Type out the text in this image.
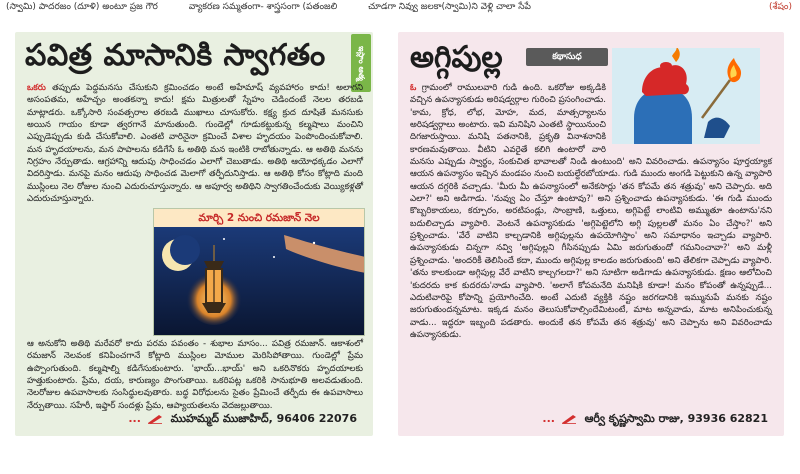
(స్వామి) పాదరజం (దూళి) అంటూ ప్రజ గౌర	వ్యాకరణ సమ్మతంగా- శాస్త్రసంగా (పతంజలి	చూడగా నివ్వు జలకా(స్వామి)ని వెళ్లి చాలా సేపే	(శేషం)
పవిత్ర మాసానికి స్వాగతం	ఇస్లాం ఆత్మ
ఒకరు తప్పుడు పెద్దమనసు చేసుకుని క్రమించడం అంటే అహేమాష్ వ్యవహారం కాదు! అలాగని అసంపతమ, అహేచ్ఛం అంతకన్నా కాదు! క్షమ మిత్రులతో స్నేహం చెడిందంటే నెలల తరబడి మాట్లాడరు. ఒక్కోసారి సంవత్సరాల తరబడి ముఖాలు చూసుకోరు. కక్ష్య క్రుద దూషితే మనసుకు అయిన గాయం కూడా త్వరగానే మానుతుంది. గుండెల్లో గూడుకట్టుకున్న కల్మషాలు మంచిని ఎప్పుడెప్పుడు కుడి చేసుకోవాలి. ఎంతటి వారినైనా క్రమించే విశాల హృదయం పెంపొందించుకోవాలి. మన హృదయాలను, మన పాపాలను కడిగేసే ఓ అతిథి మన ఇంటికి రాబోతున్నాడు. ఆ అతిథి మనను నిగ్రహం నేర్పుతాడు. ఆగ్రహాన్ని ఆదుపు సాధించడం ఎలాగో చెబుతాడు. అతిథి ఆయోధక్కడం ఎలాగో విదరిస్తాడు. మనపై మనం ఆదుపు సాధించడ మెలాగో తర్ఫీదునిస్తాడు. ఆ అతిథి కోసం కోట్లాది మంది ముస్లింలు నెల రోజుల నుంచి ఎదురుచూస్తున్నారు. ఆ అపూర్వ అతిథిని స్వాగతించేందుకు వెయ్యికళ్లతో ఎదురుచూస్తున్నారు.
మార్చి 2 నుంచి రమజాన్ నెల
ఆ అనుకోని అతిథి మరేవరో కాదు పరమ పవంతం - శుభాల మాసం... పవిత్ర రమజాన్. ఆకాశంలో రమజాన్ నెలవంక కనిపించగానే కోట్లాది ముస్లింల మోముల మెరిసిపోతాయి. గుండెల్లో ప్రేమ ఉప్పొంగుతుంది. కల్మషాల్ని కడిగేసుకుంటారు. 'భాయ్...భాయ్' అని ఒకరినొకరు హృదయాలకు హత్తుకుంటారు. ప్రేమ, దయ, కారుణ్యం పొంగుతాయి. ఒకరిపట్ల ఒకరికి సానుభూతి అలవడుతుంది. నెలరోజుల ఉపవాసాలకు సంసిద్ధులవుతారు. బద్ధ విరోధులను సైతం ప్రేమించే తర్ఫీదు ఈ ఉపవాసాలు నేర్పుతాయి. సహేరీ, ఇఫ్తార్ సందళ్లు ప్రేమ, ఆప్యాయతలను వెదజల్లుతాయి.
...	ముహమ్మద్ ముజాహిద్, 96406 22076
అగ్గిపుల్ల	కథాసుధ
ఓ గ్రామంలో రాములవారి గుడి ఉంది. ఒకరోజు అక్కడికి వచ్చిన ఉపన్యాసకుడు అరిషడ్వర్గాల గురించి ప్రసంగించాడు. 'కామ, క్రోధ, లోభ, మోహ, మద, మాత్సర్యాలను అరిషడ్వర్గాలు అంటారు. ఇవి మనిషిని ఎంతటి స్థాయినుంచి దిగజారుస్తాయి. మనిషి పతనానికి, ప్రకృతి వినాశనానికి కారణమవుతాయి. వీటిని ఎవరైతే కలిగి ఉంటారో వారి మనసు ఎప్పుడు స్వార్థం, సంకుచిత భావాలతో నిండి ఉంటుంది' అని వివరించాడు. ఉపన్యాసం పూర్తయ్యాక ఆయన ఉపన్యాసం ఇచ్చిన మండపం నుంచి బయల్దేరబోయాడు. గుడి ముందు అంగడి పెట్టుకుని ఉన్న వ్యాపారి ఆయన దగ్గరికి వచ్చాడు. 'మీరు మీ ఉపన్యాసంలో అనేకసార్లు 'తన కోపమే తన శత్రువు' అని చెప్పారు. అది ఎలా?' అని అడిగాడు. 'నువ్వు ఏం చేస్తూ ఉంటావు?' అని ప్రశ్నించాడు ఉపన్యాసకుడు. 'ఈ గుడి ముందు కొబ్బరికాయలు, కర్పూరం, అరటిపండ్లు, సాంబ్రాణి, ఒత్తులు, అగ్గిపెట్టే లాంటివి అమ్ముతూ ఉంటాను'నని బదులిచ్చాడు వ్యాపారి. వెంటనే ఉపన్యాసకుడు 'అగ్గిపెట్టెలోని అగ్గి పుల్లలతో మనం ఏం చేస్తాం?' అని ప్రశ్నించాడు. 'వేరే వాటిని కాల్చడానికి అగ్గిపుల్లను ఉపయోగిస్తాం' అని సమాధానం ఇచ్చాడు వ్యాపారి. ఉపన్యాసకుడు చిన్నగా నవ్వి 'అగ్గిపుల్లని గీసినప్పుడు ఏమి జరుగుతుందో గమనించావా?' అని మళ్లీ ప్రశ్నించాడు. 'అందరికీ తెలిసిందే కదా, ముందు అగ్గిపుల్ల కాలడం జరుగుతుంది' అని తేలికగా చెప్పాడు వ్యాపారి. 'తను కాలకుండా అగ్గిపుల్ల వేరే వాటిని కాల్చగలదా?' అని సూటిగా అడిగాడు ఉపన్యాసకుడు. క్షణం ఆలోచించి 'కుదరదు కాక కుదరదు'నాడు వ్యాపారి. 'అలాగే కోపమనేది మనిషికి కూడా! మనం కోపంతో ఉన్నప్పుడే... ఎదుటివారిపై కోపాన్ని ప్రయోగించేది. అంటే ఎదుటి వ్యక్తికి నష్టం జరగడానికి ఇమ్మునుపే మనకు నష్టం జరుగుతుందన్నమాట. ఇక్కడ మనం తెలుసుకోవాల్సిందేమిటంటే, మాట అన్నవాడు, మాట అనిపించుకున్న వాడు... ఇద్దరూ ఇబ్బంది పడతారు. అందుకే తన కోపమే తన శత్రువు' అని చెప్పాను అని వివరించాడు ఉపన్యాసకుడు.
...	ఆర్వీ కృష్ణస్వామి రాజు, 93936 62821
